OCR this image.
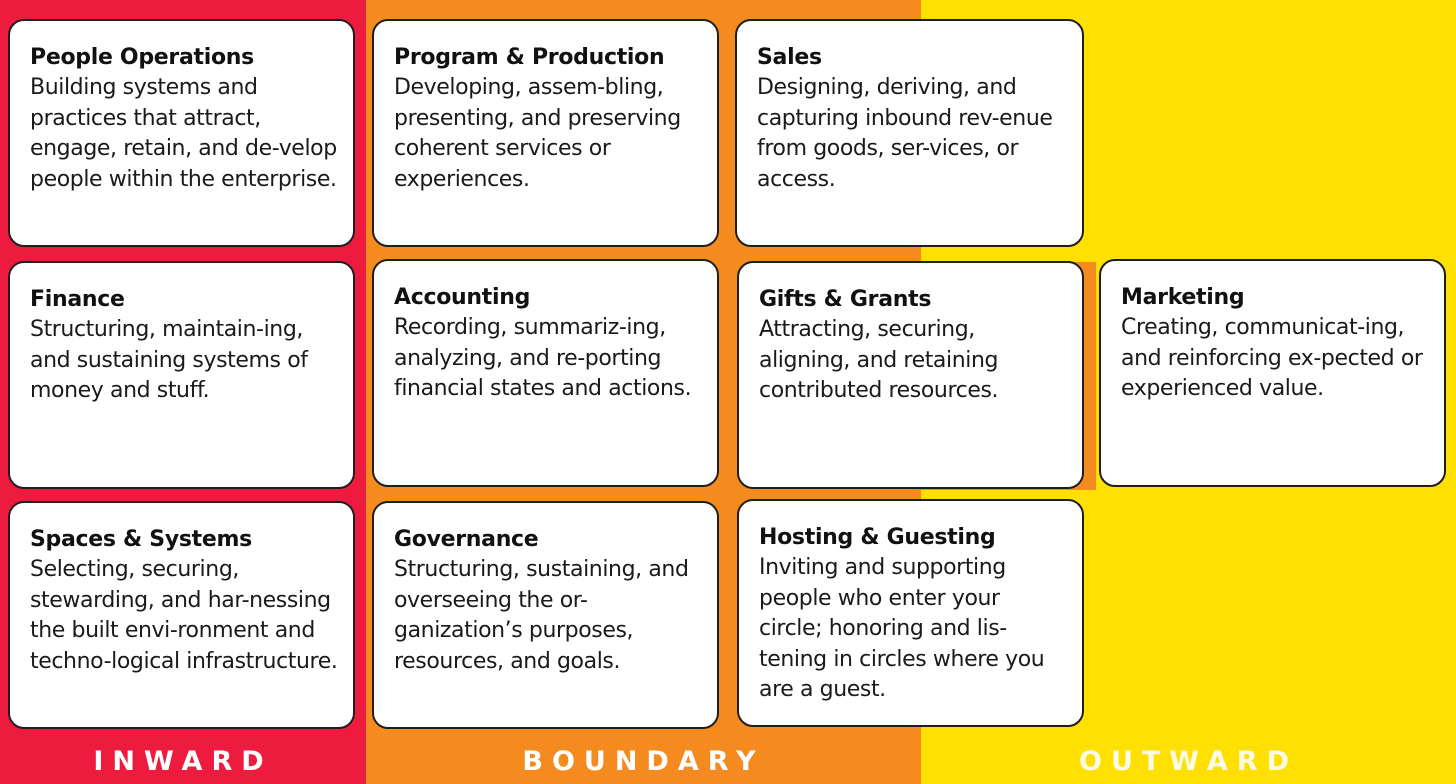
People Operations
Building systems and practices that attract, engage, retain, and de-velop people within the enterprise.
Program & Production
Developing, assem-bling, presenting, and preserving coherent services or experiences.
Sales
Designing, deriving, and capturing inbound rev-enue from goods, ser-vices, or access.
Finance
Structuring, maintain-ing, and sustaining systems of money and stuff.
Accounting
Recording, summariz-ing, analyzing, and re-porting financial states and actions.
Gifts & Grants
Attracting, securing, aligning, and retaining contributed resources.
Marketing
Creating, communicat-ing, and reinforcing ex-pected or experienced value.
Spaces & Systems
Selecting, securing, stewarding, and har-nessing the built envi-ronment and techno-logical infrastructure.
Governance
Structuring, sustaining, and overseeing the or-ganization’s purposes, resources, and goals.
Hosting & Guesting
Inviting and supporting people who enter your circle; honoring and lis-tening in circles where you are a guest.
INWARD	BOUNDARY	OUTWARD
